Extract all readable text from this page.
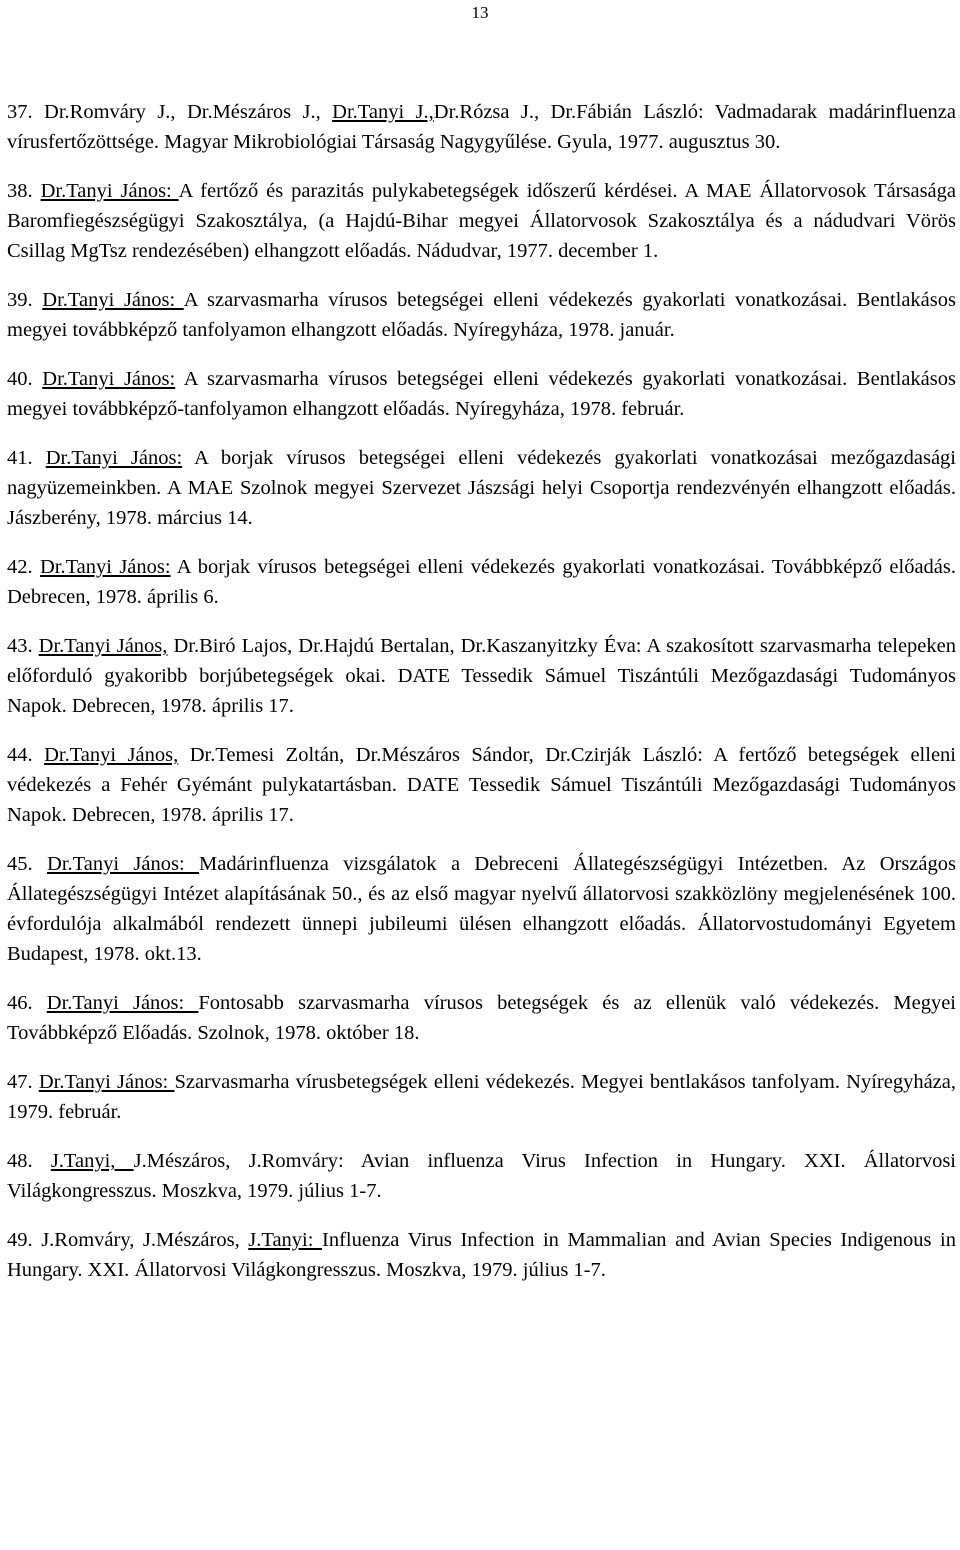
13

37. Dr.Romváry J., Dr.Mészáros J., Dr.Tanyi J.,Dr.Rózsa J., Dr.Fábián László: Vadmadarak madárinfluenza vírusfertőzöttsége. Magyar Mikrobiológiai Társaság Nagygyűlése. Gyula, 1977. augusztus 30.

38. Dr.Tanyi János: A fertőző és parazitás pulykabetegségek időszerű kérdései. A MAE Állatorvosok Társasága Baromfiegészségügyi Szakosztálya, (a Hajdú-Bihar megyei Állatorvosok Szakosztálya és a nádudvari Vörös Csillag MgTsz rendezésében) elhangzott előadás. Nádudvar, 1977. december 1.

39. Dr.Tanyi János: A szarvasmarha vírusos betegségei elleni védekezés gyakorlati vonatkozásai. Bentlakásos megyei továbbképző tanfolyamon elhangzott előadás. Nyíregyháza, 1978. január.

40. Dr.Tanyi János: A szarvasmarha vírusos betegségei elleni védekezés gyakorlati vonatkozásai. Bentlakásos megyei továbbképző-tanfolyamon elhangzott előadás. Nyíregyháza, 1978. február.

41. Dr.Tanyi János: A borjak vírusos betegségei elleni védekezés gyakorlati vonatkozásai mezőgazdasági nagyüzemeinkben. A MAE Szolnok megyei Szervezet Jászsági helyi Csoportja rendezvényén elhangzott előadás. Jászberény, 1978. március 14.

42. Dr.Tanyi János: A borjak vírusos betegségei elleni védekezés gyakorlati vonatkozásai. Továbbképző előadás. Debrecen, 1978. április 6.

43. Dr.Tanyi János, Dr.Biró Lajos, Dr.Hajdú Bertalan, Dr.Kaszanyitzky Éva: A szakosított szarvasmarha telepeken előforduló gyakoribb borjúbetegségek okai. DATE Tessedik Sámuel Tiszántúli Mezőgazdasági Tudományos Napok. Debrecen, 1978. április 17.

44. Dr.Tanyi János, Dr.Temesi Zoltán, Dr.Mészáros Sándor, Dr.Czirják László: A fertőző betegségek elleni védekezés a Fehér Gyémánt pulykatartásban. DATE Tessedik Sámuel Tiszántúli Mezőgazdasági Tudományos Napok. Debrecen, 1978. április 17.

45. Dr.Tanyi János: Madárinfluenza vizsgálatok a Debreceni Állategészségügyi Intézetben. Az Országos Állategészségügyi Intézet alapításának 50., és az első magyar nyelvű állatorvosi szakközlöny megjelenésének 100. évfordulója alkalmából rendezett ünnepi jubileumi ülésen elhangzott előadás. Állatorvostudományi Egyetem Budapest, 1978. okt.13.

46. Dr.Tanyi János: Fontosabb szarvasmarha vírusos betegségek és az ellenük való védekezés. Megyei Továbbképző Előadás. Szolnok, 1978. október 18.

47. Dr.Tanyi János: Szarvasmarha vírusbetegségek elleni védekezés. Megyei bentlakásos tanfolyam. Nyíregyháza, 1979. február.

48. J.Tanyi, J.Mészáros, J.Romváry: Avian influenza Virus Infection in Hungary. XXI. Állatorvosi Világkongresszus. Moszkva, 1979. július 1-7.

49. J.Romváry, J.Mészáros, J.Tanyi: Influenza Virus Infection in Mammalian and Avian Species Indigenous in Hungary. XXI. Állatorvosi Világkongresszus. Moszkva, 1979. július 1-7.
